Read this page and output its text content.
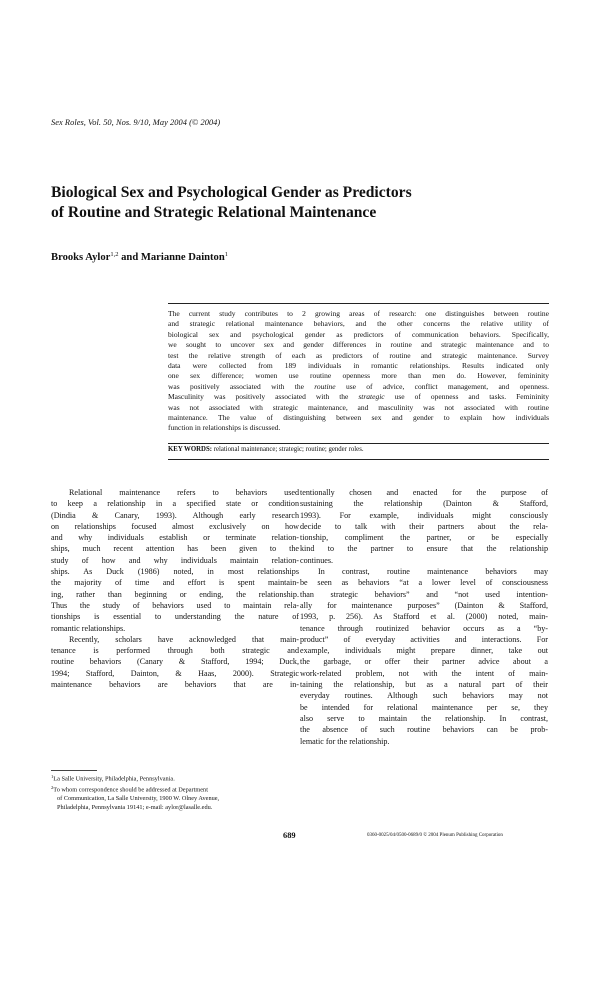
Sex Roles, Vol. 50, Nos. 9/10, May 2004 (© 2004)
Biological Sex and Psychological Gender as Predictors
of Routine and Strategic Relational Maintenance
Brooks Aylor$^{1,2}$ and Marianne Dainton$^1$
The current study contributes to 2 growing areas of research: one distinguishes between routine
and strategic relational maintenance behaviors, and the other concerns the relative utility of
biological sex and psychological gender as predictors of communication behaviors. Specifically,
we sought to uncover sex and gender differences in routine and strategic maintenance and to
test the relative strength of each as predictors of routine and strategic maintenance. Survey
data were collected from 189 individuals in romantic relationships. Results indicated only
one sex difference; women use routine openness more than men do. However, femininity
was positively associated with the routine use of advice, conflict management, and openness.
Masculinity was positively associated with the strategic use of openness and tasks. Femininity
was not associated with strategic maintenance, and masculinity was not associated with routine
maintenance. The value of distinguishing between sex and gender to explain how individuals
function in relationships is discussed.
KEY WORDS: relational maintenance; strategic; routine; gender roles.
Relational maintenance refers to behaviors used
to keep a relationship in a specified state or condition
(Dindia & Canary, 1993). Although early research
on relationships focused almost exclusively on how
and why individuals establish or terminate relation-
ships, much recent attention has been given to the
study of how and why individuals maintain relation-
ships. As Duck (1986) noted, in most relationships
the majority of time and effort is spent maintain-
ing, rather than beginning or ending, the relationship.
Thus the study of behaviors used to maintain rela-
tionships is essential to understanding the nature of
romantic relationships.
Recently, scholars have acknowledged that main-
tenance is performed through both strategic and
routine behaviors (Canary & Stafford, 1994; Duck,
1994; Stafford, Dainton, & Haas, 2000). Strategic
maintenance behaviors are behaviors that are in-
tentionally chosen and enacted for the purpose of
sustaining the relationship (Dainton & Stafford,
1993). For example, individuals might consciously
decide to talk with their partners about the rela-
tionship, compliment the partner, or be especially
kind to the partner to ensure that the relationship
continues.
In contrast, routine maintenance behaviors may
be seen as behaviors “at a lower level of consciousness
than strategic behaviors” and “not used intention-
ally for maintenance purposes” (Dainton & Stafford,
1993, p. 256). As Stafford et al. (2000) noted, main-
tenance through routinized behavior occurs as a “by-
product” of everyday activities and interactions. For
example, individuals might prepare dinner, take out
the garbage, or offer their partner advice about a
work-related problem, not with the intent of main-
taining the relationship, but as a natural part of their
everyday routines. Although such behaviors may not
be intended for relational maintenance per se, they
also serve to maintain the relationship. In contrast,
the absence of such routine behaviors can be prob-
lematic for the relationship.
$^1$La Salle University, Philadelphia, Pennsylvania.
$^2$To whom correspondence should be addressed at Department
of Communication, La Salle University, 1900 W. Olney Avenue,
Philadelphia, Pennsylvania 19141; e-mail: aylor@lasalle.edu.
689	0360-0025/04/0500-0689/0 © 2004 Plenum Publishing Corporation
